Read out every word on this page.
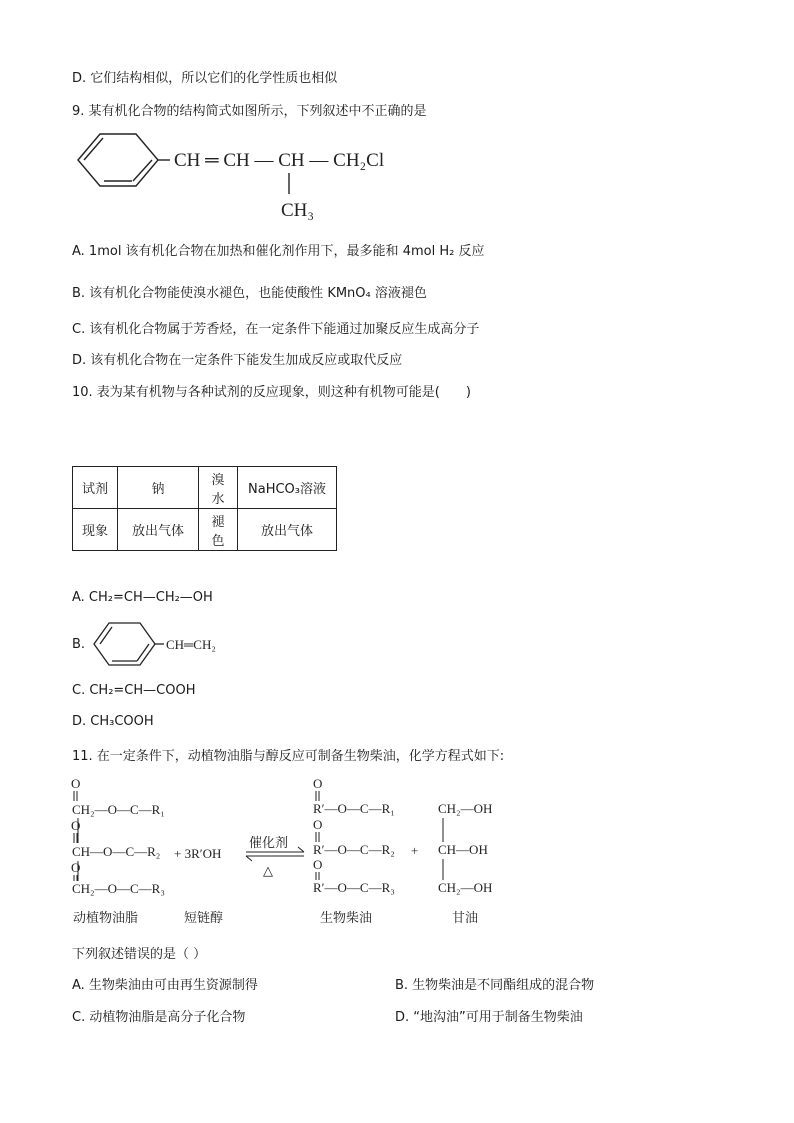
D. 它们结构相似，所以它们的化学性质也相似
9. 某有机化合物的结构简式如图所示，下列叙述中不正确的是
CH ═ CH — CH — CH₂Cl
CH₃
A. 1mol 该有机化合物在加热和催化剂作用下，最多能和 4mol H₂ 反应
B. 该有机化合物能使溴水褪色，也能使酸性 KMnO₄ 溶液褪色
C. 该有机化合物属于芳香烃，在一定条件下能通过加聚反应生成高分子
D. 该有机化合物在一定条件下能发生加成反应或取代反应
10. 表为某有机物与各种试剂的反应现象，则这种有机物可能是(　　)
试剂	钠	溴水	NaHCO₃溶液
现象	放出气体	褪色	放出气体
A. CH₂=CH—CH₂—OH
B.	CH═CH₂
C. CH₂=CH—COOH
D. CH₃COOH
11. 在一定条件下，动植物油脂与醇反应可制备生物柴油，化学方程式如下:
O
CH₂—O—C—R₁
O
CH—O—C—R₂
O
CH₂—O—C—R₃
+ 3R′OH
催化剂
△
O
R′—O—C—R₁
O
R′—O—C—R₂
O
R′—O—C—R₃
+
CH₂—OH
CH—OH
CH₂—OH
动植物油脂	短链醇	生物柴油	甘油
下列叙述错误的是（ ）
A. 生物柴油由可由再生资源制得	B. 生物柴油是不同酯组成的混合物
C. 动植物油脂是高分子化合物	D. “地沟油”可用于制备生物柴油
